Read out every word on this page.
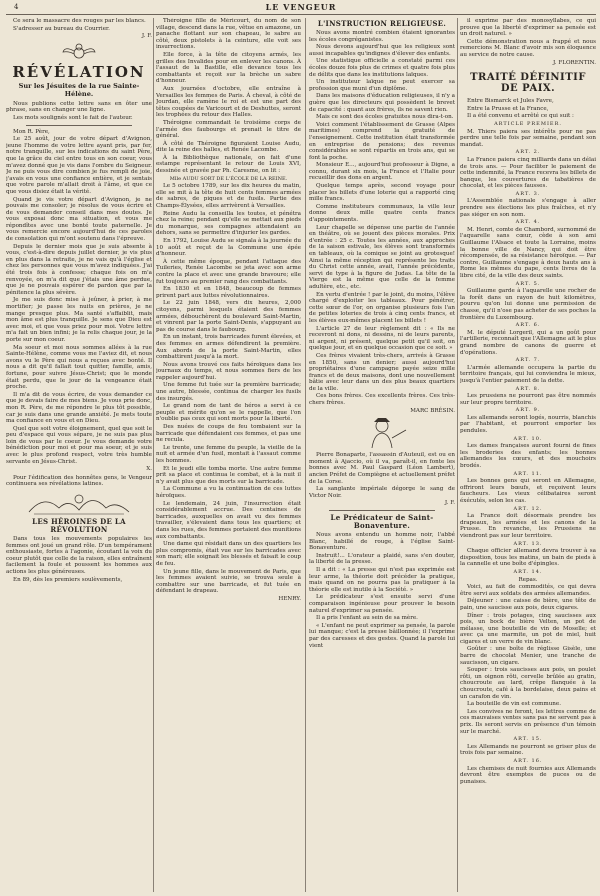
4	LE VENGEUR

Ce sera le massacre des rouges par les blancs.

S'adresser au bureau du Courrier.

J. F.

RÉVÉLATION
Sur les Jésuites de la rue Sainte-Hélène.

Nous publions cette lettre sans en ôter une phrase, sans en changer une ligne.

Les mots soulignés sont le fait de l'auteur.

Mon R. Père,

Le 25 août, jour de votre départ d'Avignon, jeune l'homme de votre lettre ayant pris, par fer, notre tranquille, sur les indications du saint Père, que la grâce du ciel entre tous en son coeur, vous m'avez donné que je vis dans l'ombre du Seigneur. Je ne puis vous dire combien je fus rempli de joie, j'avais en vous une confiance entière, et je sentais que votre parole m'allait droit à l'âme, et que ce que vous disiez était la vérité.

Quand je vis votre départ d'Avignon, je ne pouvais me consoler; je résolus de vous écrire et de vous demander conseil dans mes doutes. Je vous exposai donc ma situation, et vous me répondîtes avec une bonté toute paternelle. Je vous remercie encore aujourd'hui de ces paroles de consolation qui m'ont soutenu dans l'épreuve.

Depuis le dernier mois que je suis absente à vous, c'est-à-dire depuis juillet dernier, je vis plus en plus dans la retraite, je ne vais qu'à l'église et chez les personnes que vous m'avez indiquées. J'ai été trois fois à confesse; chaque fois on m'a renvoyée, on m'a dit que j'étais une âme perdue, que je ne pouvais espérer de pardon que par la pénitence la plus sévère.

Je me suis donc mise à jeûner, à prier, à me mortifier; je passe les nuits en prières, je ne mange presque plus. Ma santé s'affaiblit, mais mon âme est plus tranquille. Je sens que Dieu est avec moi, et que vous priez pour moi. Votre lettre m'a fait un bien infini; je la relis chaque jour, je la porte sur mon coeur.

Ma soeur et moi nous sommes allées à la rue Sainte-Hélène, comme vous me l'aviez dit, et nous avons vu le Père qui nous a reçues avec bonté. Il nous a dit qu'il fallait tout quitter, famille, amis, fortune, pour suivre Jésus-Christ; que le monde était perdu, que le jour de la vengeance était proche.

Il m'a dit de vous écrire, de vous demander ce que je devais faire de mes biens. Je vous prie donc, mon R. Père, de me répondre le plus tôt possible, car je suis dans une grande anxiété. Je mets toute ma confiance en vous et en Dieu.

Quel que soit votre éloignement, quel que soit le peu d'espace qui vous sépare, je ne suis pas plus loin de vous par le coeur. Je vous demande votre bénédiction pour moi et pour ma soeur, et je suis avec le plus profond respect, votre très humble servante en Jésus-Christ.

X.

Pour l'édification des honnêtes gens, le Vengeur continuera ses révélations latines.

LES HÉROINES DE LA RÉVOLUTION

Dans tous les mouvements populaires les femmes ont joué un grand rôle. D'un tempérament enthousiaste, fortes à l'agonie, écoutant la voix du coeur plutôt que celle de la raison, elles entraînent facilement la foule et poussent les hommes aux actions les plus généreuses.

En 89, dès les premiers soulèvements,

Théroigne fille de Méricourt, du nom de son village, descend dans la rue, vêtue en amazone, un panache flottant sur son chapeau, le sabre au côté, deux pistolets à la ceinture, elle voit ses insurrections.

Elle force, à la tête de citoyens armés, les grilles des Invalides pour en enlever les canons. À l'assaut de la Bastille, elle devance tous les combattants et reçoit sur la brèche un sabre d'honneur.

Aux journées d'octobre, elle entraîne à Versailles les femmes de Paris. À cheval, à côté de Jourdan, elle ramène le roi et est une part des têtes coupées de Varicourt et de Deshuttes, seront les trophées du retour des Halles.

Théroigne commandait le troisième corps de l'armée des faubourgs et prenait le titre de général.

À côté de Théroigne figuraient Louise Audu, dite la reine des halles, et Renée Lacombe.

À la Bibliothèque nationale, on fait d'une estampe représentant le retour de Louis XVI, dessinée et gravée par Ph. Caresme, on lit :

Mlle AUDU SORT DE L'ÉCOLE DE LA REINE.

Le 5 octobre 1789, sur les dix heures du matin, elle se mit à la tête de huit cents femmes armées de sabres, de piques et de fusils. Partie des Champs-Élysées, elles arrivèrent à Versailles.

Reine Audu la conseilla les toutes, et pénétra chez la reine; pendant qu'elle se mettait aux pieds du monarque, ses compagnes attendaient au dehors, sans se permettre d'injurier les gardes.

En 1792, Louise Audu se signala à la journée du 10 août et reçut de la Commune une épée d'honneur.

À cette même époque, pendant l'attaque des Tuileries, Renée Lacombe se jeta avec son arme contre la place et avec une grande bravoure; elle fut toujours au premier rang des combattants.

En 1830 et en 1848, beaucoup de femmes prirent part aux luttes révolutionnaires.

Le 22 juin 1848, vers dix heures, 2,000 citoyens, parmi lesquels étaient des femmes armées, débouchèrent du boulevard Saint-Martin, et vinrent par la porte Saint-Denis, s'appuyant au pas de course dans le faubourg.

En un instant, trois barricades furent élevées, et des femmes en armes défendirent la première. Aux abords de la porte Saint-Martin, elles combattirent jusqu'à la mort.

Nous avons trouvé ces faits héroïques dans les journaux du temps, et nous sommes fiers de les rappeler aujourd'hui.

Une femme fut tuée sur la première barricade; une autre, blessée, continua de charger les fusils des insurgés.

Le grand nom de tant de héros a servi à ce peuple et mérite qu'on se le rappelle, que l'on n'oublie pas ceux qui sont morts pour la liberté.

Des nuées de coups de feu tombaient sur la barricade que défendaient ces femmes, et pas une ne recula.

Le trente, une femme du peuple, la vieille de la nuit et armée d'un fusil, montait à l'assaut comme les hommes.

Et le jeudi elle tomba morte. Une autre femme prit sa place et continua le combat, et à la nuit il n'y avait plus que des morts sur la barricade.

La Commune a vu la continuation de ces luttes héroïques.

Le lendemain, 24 juin, l'insurrection était considérablement accrue. Des centaines de barricades, auxquelles on avait vu des femmes travailler, s'élevaient dans tous les quartiers; et dans les rues, des femmes portaient des munitions aux combattants.

Une dame qui résidait dans un des quartiers les plus compromis, était vue sur les barricades avec son mari; elle soignait les blessés et faisait le coup de feu.

Un jeune fille, dans le mouvement de Paris, que les femmes avaient suivie, se trouva seule à combattre sur une barricade, et fut tuée en défendant le drapeau.

HENRY.

L'INSTRUCTION RELIGIEUSE.

Nous avons montré combien étaient ignorantes les écoles congréganistes.

Nous devons aujourd'hui que les religieux sont aussi incapables qu'indignes d'élever des enfants.

Une statistique officielle a constaté parmi ces écoles douze fois plus de crimes et quatre fois plus de délits que dans les institutions laïques.

Un instituteur laïque ne peut exercer sa profession que muni d'un diplôme.

Dans les maisons d'éducation religieuses, il n'y a guère que les directeurs qui possèdent le brevet de capacité : quant aux frères, ils ne savent rien.

Mais ce sont des écoles gratuites nous dira-t-on.

Voici comment l'établissement de Grasse (Alpes maritimes) comprend la gratuité de l'enseignement. Cette institution était transformée en entreprise de pensions; des revenus considérables se sont répartis en trois ans, qui se font la poche.

Monsieur E..., aujourd'hui professeur à Digne, a connu, durant six mois, la France et l'Italie pour recueillir des dons en argent.

Quelque temps après, second voyage pour placer les billets d'une loterie qui a rapporté cinq mille francs.

Comme instituteurs communaux, la ville leur donne deux mille quatre cents francs d'appointements.

Leur chapelle se dépense une partie de l'année en théâtre, où se jouent des pièces morales. Prix d'entrée : 25 c. Toutes les années, aux approches de la saison estivale, les élèves sont transformés en tableaux, où la comique se joint au grotesque! Ainsi la même réception qui représente les traits du Christ cette année, avait, l'année précédente, servi de type à la figure de Judas. La tête de la Vierge est la même que celle de la femme adultère, etc., etc.

En vertu d'entrée ! par le joint, du moins, l'élève chargé d'exploiter les tableaux. Pour pénétrer, cette sœur de l'or, on organise plusieurs fois l'an de petites loteries de trois à cinq cents francs, et les élèves eux-mêmes placent les billets !

L'article 27 de leur règlement dit : « Ils ne recevront ni dons, ni dessins, ni de leurs parents, ni argent, ni présent, quelque petit qu'il soit, on quelque jour, et en quelque occasion que ce soit. »

Ces frères vivaient très-chers, arrivés à Grasse en 1850, sans un denier; aussi aujourd'hui propriétaires d'une campagne payée seize mille francs et de deux maisons, dont une nouvellement bâtie avec leur dans un des plus beaux quartiers de la ville.

Ces bons frères. Ces excellents frères. Ces très-chers frères.

MARC BRÉSIN.

Pierre Bonaparte, l'assassin d'Auteuil, est ou en moment à Ajaccio, où il va, paraît-il, en fonte les bonnes avec M. Paul Gaspard (Léon Lambert), ancien Préfet de Compiègne et actuellement préfet de la Corse.

La sanglante impériale dégorge le sang de Victor Noir.

J. F.

Le Prédicateur de Saint-Bonaventure.

Nous avons entendu un homme noir, l'abbé Blanc, habillé de rouge, à l'église Saint-Bonaventure.

Instruit!... L'orateur a plaidé, sans s'en douter, la liberté de la presse.

Il a dit : « La presse qui n'est pas exprimée est leur arme, la théorie doit précéder la pratique, mais quand on ne pourra pas la pratiquer à la théorie elle est inutile à la Société. »

Le prédicateur s'est ensuite servi d'une comparaison ingénieuse pour prouver le besoin naturel d'exprimer sa pensée.

Il a pris l'enfant au sein de sa mère.

« L'enfant ne peut exprimer sa pensée, la parole lui manque; c'est la presse bâillonnée; il l'exprime par des caresses et des gestes. Quand la parole lui vient

il exprime par des monosyllabes, ce qui prouve que la liberté d'exprimer sa pensée est un droit naturel. »

Cette démonstration nous a frappé et nous remercions M. Blanc d'avoir mis son éloquence au service de notre cause.

J. FLORENTIN.

TRAITÉ DÉFINITIF DE PAIX.

Entre Bismarck et Jules Favre,

Entre la Prusse et la France,

Il a été convenu et arrêté ce qui suit :

ARTICLE PREMIER.

M. Thiers paiera ses intérêts pour ne pas perdre une telle fois par semaine, pendant son mandat.

ART. 2.

La France paiera cinq milliards dans un délai de trois ans. — Pour faciliter le paiement de cette indemnité, la France recevra les billets de banque, les couvertures de tabatières de chocolat, et les pièces fausses.

ART. 3.

L'Assemblée nationale s'engage à aller prendre ses élections les plus fraîches, et n'y pas siéger en son nom.

ART. 4.

M. Henri, comte de Chambord, surnommé de l'aquarelle sans cœur, cède à son ami Guillaume l'Alsace et toute la Lorraine, moins la bonne ville de Nancy, qui doit être récompensée, de sa résistance héroïque. — Par contre, Guillaume s'engage à deux hauts ans à Rome les mêmes du pape, cents livres de la libre cité, de la ville des deux saints.

ART. 5.

Guillaume garde à l'aquarelle une rocher de la forêt dans un rayon de huit kilomètres, pourvu qu'on lui donne une permission de chasse, qu'il n'ose pas acheter de ses poches la frontière du Luxembourg.

ART. 6.

M. le député Lorgeril, qui a un goût pour l'artillerie, reconnaît que l'Allemagne ait le plus grand nombre de canons de guerre et d'opérations.

ART. 7.

L'armée allemande occupera la partie du territoire français, qui lui conviendra le mieux, jusqu'à l'entier paiement de la dette.

ART. 8.

Les prussiens ne pourront pas être nommés sur leur propre territoire.

ART. 9.

Les allemands seront logés, nourris, blanchis par l'habitant, et pourront emporter les pendules.

ART. 10.

Les dames françaises auront fourni de fines les broderies des enfants; les bonnes allemandes les cœurs, et des mouchoirs brodés.

ART. 11.

Les bonnes gens qui seront en Allemagne, offriront leurs bœufs, et reçoivent leurs faucheurs. Les vieux célibataires seront éxécutés, selon les cas.

ART. 12.

La France doit désormais prendre les drapeaux, les armées et les canons de la Prusse. En revanche, les Prussiens ne viendront pas sur leur territoire.

ART. 13.

Chaque officier allemand devra trouver à sa disposition, tous les matins, un bain de pieds à la cannelle et une boîte d'épingles.

ART. 14.

Repas.

Voici, au fait de commodités, ce qui devra être servi aux soldats des armées allemandes.

Déjeuner : une caisse de bière, une tête de pain, une saucisse aux pois, deux cigares.

Dîner : trois potages, cinq saucisses aux pois, un bock de bière Velten, un pot de mélasse, une bouteille de vin de Moselle; et avec ça une marmite, un pot de miel, huit cigares et un verre de vin blanc.

Goûter : une boîte de réglisse Gisèle, une barre de chocolat Menier, une tranche de saucisson, un cigare.

Souper : trois saucisses aux pois, un poulet rôti, un oignon rôti, cervelle brûlée au gratin, choucroute au lard, crêpe flanquée à la choucroute, café à la bordelaise, deux pains et un carafon de vin.

La bouteille de vin est commune.

Les convives ne feront, les lettres comme de ces mauvaises ventes sans pas ne servent pas à prix. Ils seront servis en présence d'un témoin sur le marché.

ART. 15.

Les Allemands ne pourront se griser plus de trois fois par semaine.

ART. 16.

Les chemises de nuit fournies aux Allemands devront être exemptes de puces ou de punaises.
